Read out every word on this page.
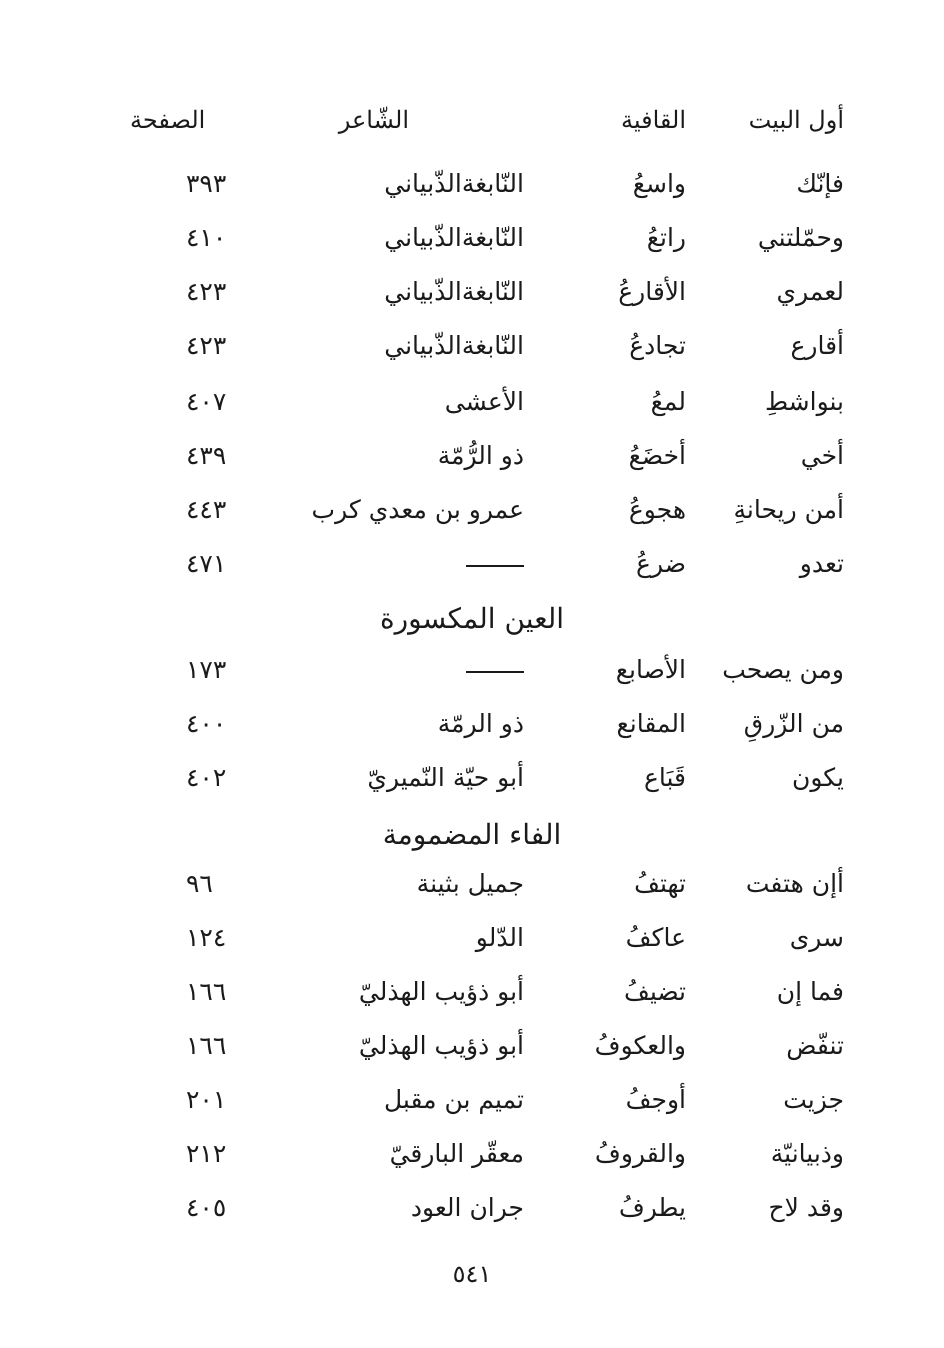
أول البيت
القافية
الشّاعر
الصفحة
فإنّك
واسعُ
النّابغةالذّبياني
٣٩٣
وحمّلتني
راتعُ
النّابغةالذّبياني
٤١٠
لعمري
الأقارعُ
النّابغةالذّبياني
٤٢٣
أقارع
تجادعُ
النّابغةالذّبياني
٤٢٣
بنواشطِ
لمعُ
الأعشى
٤٠٧
أخي
أخضَعُ
ذو الرُّمّة
٤٣٩
أمن ريحانةِ
هجوعُ
عمرو بن معدي كرب
٤٤٣
تعدو
ضرعُ
٤٧١
العين المكسورة
ومن يصحب
الأصابع
١٧٣
من الزّرقِ
المقانع
ذو الرمّة
٤٠٠
يكون
قَبَاع
أبو حيّة النّميريّ
٤٠٢
الفاء المضمومة
أإن هتفت
تهتفُ
جميل بثينة
٩٦
سرى
عاكفُ
الدّلو
١٢٤
فما إن
تضيفُ
أبو ذؤيب الهذليّ
١٦٦
تنفّض
والعكوفُ
أبو ذؤيب الهذليّ
١٦٦
جزيت
أوجفُ
تميم بن مقبل
٢٠١
وذبيانيّة
والقروفُ
معقّر البارقيّ
٢١٢
وقد لاح
يطرفُ
جران العود
٤٠٥
٥٤١
